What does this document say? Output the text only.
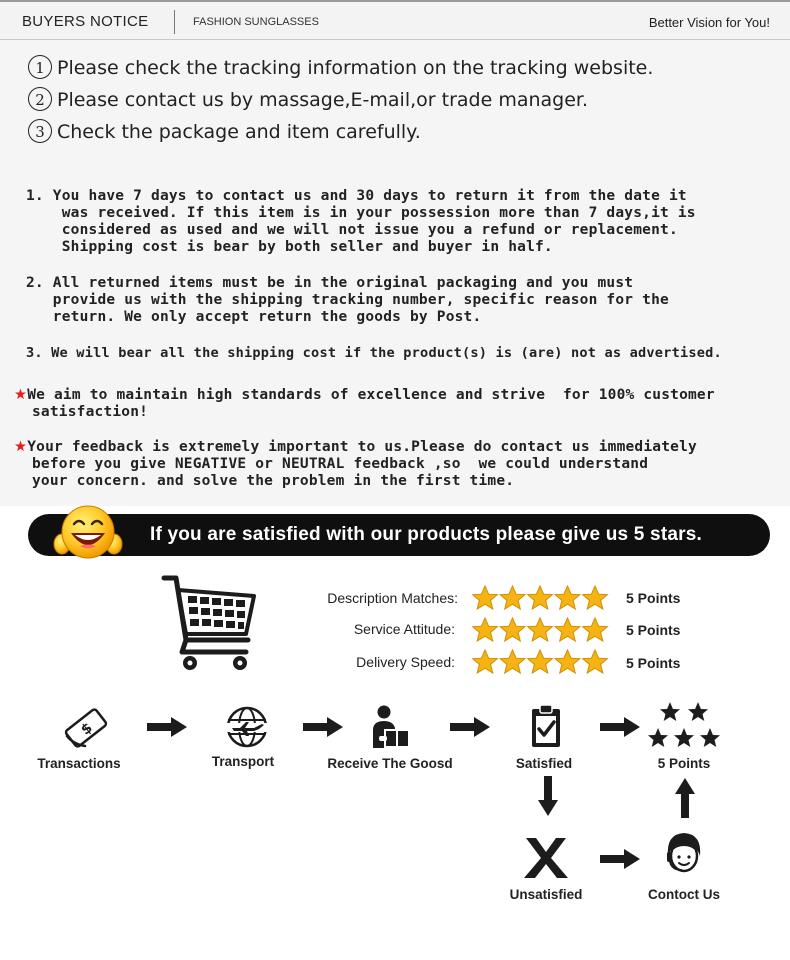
BUYERS NOTICE	FASHION SUNGLASSES	Better Vision for You!
1 Please check the tracking information on the tracking website.
2 Please contact us by massage,E-mail,or trade manager.
3 Check the package and item carefully.
1. You have 7 days to contact us and 30 days to return it from the date it
was received. If this item is in your possession more than 7 days,it is
considered as used and we will not issue you a refund or replacement.
Shipping cost is bear by both seller and buyer in half.
2. All returned items must be in the original packaging and you must
provide us with the shipping tracking number, specific reason for the
return. We only accept return the goods by Post.
3. We will bear all the shipping cost if the product(s) is (are) not as advertised.
★We aim to maintain high standards of excellence and strive  for 100% customer
satisfaction!
★Your feedback is extremely important to us.Please do contact us immediately
before you give NEGATIVE or NEUTRAL feedback ,so  we could understand
your concern. and solve the problem in the first time.
If you are satisfied with our products please give us 5 stars.
Description Matches:	5 Points
Service Attitude:	5 Points
Delivery Speed:	5 Points
$
Transactions	Transport	Receive The Goosd	Satisfied	5 Points
Unsatisfied	Contoct Us
